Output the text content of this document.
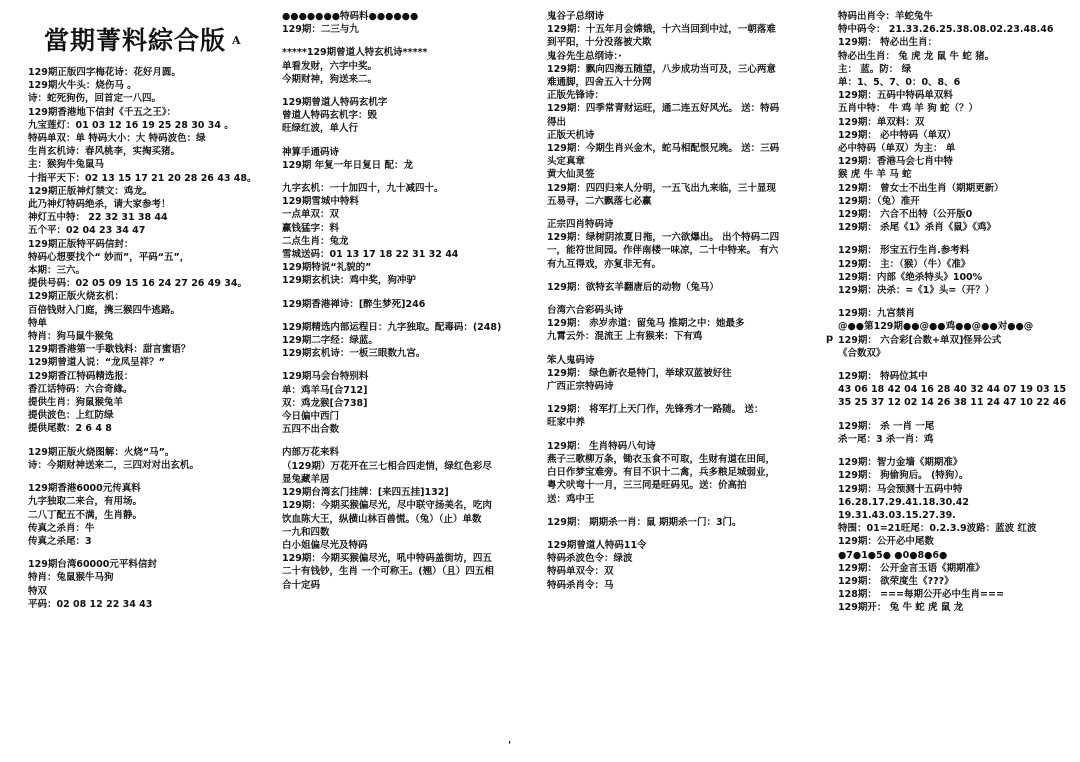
當期菁料綜合版 $^A$
129期正版四字梅花诗：花好月圆。
129期火牛头：烧伤马 。
诗：蛇死狗伤，回首定一八四。
129期香港地下信封《千五之王》：
九宝莲灯：01 03 12 16 19 25 28 30 34 。
特码单双：单 特码大小：大 特码波色：绿
生肖玄机诗：春风桃李，实掏买猪。
主：猴狗牛兔鼠马
十指平天下：02 13 15 17 21 20 28 26 43 48。
129期正版神灯禁文：鸡龙。
此乃神灯特码绝杀，请大家参考！
神灯五中特： 22 32 31 38 44
五个平：02 04 23 34 47
129期正版特平码信封：
特码心想要找个“ 妙而”，平码“五”，
本期：三六。
提供号码：02 05 09 15 16 24 27 26 49 34。
129期正版火烧玄机：
百倍钱财入门庭，携三猴四牛逃路。
特单
特肖：狗马鼠牛猴兔
129期香港第一手歇钱料：甜言蜜语？
129期曾道人说：“龙凤呈祥？”
129期香江特码精选报：
香江话特码：六合奇緣。
提供生肖：狗鼠猴兔羊
提供波色：上红防绿
提供尾数：2 6 4 8
129期正版火烧图解：火烧“马”。
诗：今期财神送来二，三四对对出玄机。
129期香港6000元传真料
九字独取二来合，有用场。
二八丁配五不满，生肖静。
传真之杀肖：牛
传真之杀尾：3
129期台湾60000元平料信封
特肖：兔鼠猴牛马狗
特双
平码：02 08 12 22 34 43
●●●●●●●特码料●●●●●●
129期：二三与九
*****129期曾道人特玄机诗*****
单看发财，六字中奖。
今期财神，狗送来二。
129期曾道人特码玄机字
曾道人特码玄机字：毁
旺绿红波，单人行
神算手通码诗
129期 年复一年日复日 配：龙
九字玄机：一十加四十，九十减四十。
129期雪城中特料
一点单双：双
赢钱猛字：料
二点生肖：兔龙
雪城送码：01 13 17 18 22 31 32 44
129期特说“礼貌的”
129期玄机诀：鸡中奖，狗冲驴
129期香港禅诗：[醉生梦死]246
129期精选内部运程日：九字独取。配毒码：(248)
129期二字经：绿蓝。
129期玄机诗：一板三眼数九宫。
129期马会台特别料
单：鸡羊马[合712]
双：鸡龙猴[合738]
今日偏中西门
五四不出合数
内部万花来料
（129期）万花开在三七相合四走悄，绿红色彩尽
显兔藏羊居
129期台湾玄门挂牌：[来四五挂]132]
129期：今期买猴偏尽光，尽中联守扬美名，吃肉
饮血陈大王，纵横山林百兽慌。（兔）（止）单数
一九和四数
白小姐偏尽光及特码
129期：今期买猴偏尽光，吼中特码盖街坊，四五
二十有钱钞，生肖 一个可称王。(翘）（且）四五相
合十定码
鬼谷子总纲诗
129期：十五年月会嫦娥，十六当回到中过，一朝落难
到平阳，十分没落被犬欺
鬼谷先生总纲诗：·
129期：飘向四海五随望，八步成功当可及，三心两意
难通脚，四舍五入十分网
正版先锋诗：
129期：四季常青财运旺，通二连五好风光。 送：特码
得出
正版天机诗
129期：今期生肖兴金木，蛇马相配恨兄晚。 送：三码
头定真章
黄大仙灵签
129期：四四归来人分明，一五飞出九来临，三十显现
五易寻，二六飘落七必赢
正宗四肖特码诗
129期：绿树阴浓夏日拖，一六欲爆出。 出个特码二四
一，能符世间园。作伴南楼一味凉，二十中特来。 有六
有九互得戏，亦复非无有。
129期：欲特玄羊翻唐后的动物（兔马）
台湾六合彩码头诗
129期： 赤岁赤道：留兔马 推期之中：她最多
九霄云外：混流王 上有猴来：下有鸡
笨人鬼码诗
129期： 绿色新衣是特门，举球双蓝被好往
广西正宗特码诗
129期： 将军打上天门作，先锋秀才一路随。 送：
旺家中养
129期： 生肖特码八句诗
燕子三歌柳万条，锄衣玉食不可取，生财有道在田间，
白日作梦宝难旁。有目不识十二禽，兵多粮足城弱业，
粤犬吠弯十一月，三三同是旺码见。送：价高拍
送：鸡中王
129期： 期期杀一肖：鼠 期期杀一门：3门。
129期曾道人特码11令
特码杀波色令：绿波
特码单双令：双
特码杀肖令：马
特码出肖令：羊蛇兔牛
特中码令： 21.33.26.25.38.08.02.23.48.46
129期： 特必出生肖：
特必出生肖： 兔 虎 龙 鼠 牛 蛇 猪。
主： 蓝。防： 绿
单：1、5、7、0：0、8、6
129期：五码中特码单双料
五肖中特： 牛 鸡 羊 狗 蛇（？）
129期：单双料：双
129期： 必中特码（单双）
必中特码（单双）为主： 单
129期：香港马会七肖中特
猴 虎 牛 羊 马 蛇
129期： 曾女士不出生肖（期期更新）
129期：（兔）准开
129期： 六合不出特（公开版0
129期： 杀尾《1》杀肖《鼠》《鸡》
129期： 形宝五行生肖.参考料
129期： 主：（猴）（牛）《准》
129期：内部《绝杀特头》100%
129期：决杀：=《1》头=（开？）
129期：九宫禁肖
@●●第129期●●@●●鸡●●@●●对●●@
129期： 六合彩[合数+单双]怪异公式
《合数双》
129期： 特码位其中
43 06 18 42 04 16 28 40 32 44 07 19 03 15
35 25 37 12 02 14 26 38 11 24 47 10 22 46
129期： 杀 一肖 一尾
杀一尾：3 杀一肖：鸡
129期：智力金墙《期期准》
129期： 狗偷狗后。 (特狗）。
129期：马会预测十五码中特
16.28.17.29.41.18.30.42
19.31.43.03.15.27.39.
特围：01=21旺尾：0.2.3.9波路：蓝波 红波
129期：公开必中尾数
●7●1●5● ●0●8●6●
129期： 公开金言玉语《期期准》
129期： 欲荣度生《???》
128期： ===每期公开必中生肖===
129期开： 兔 牛 蛇 虎 鼠 龙
p
'
